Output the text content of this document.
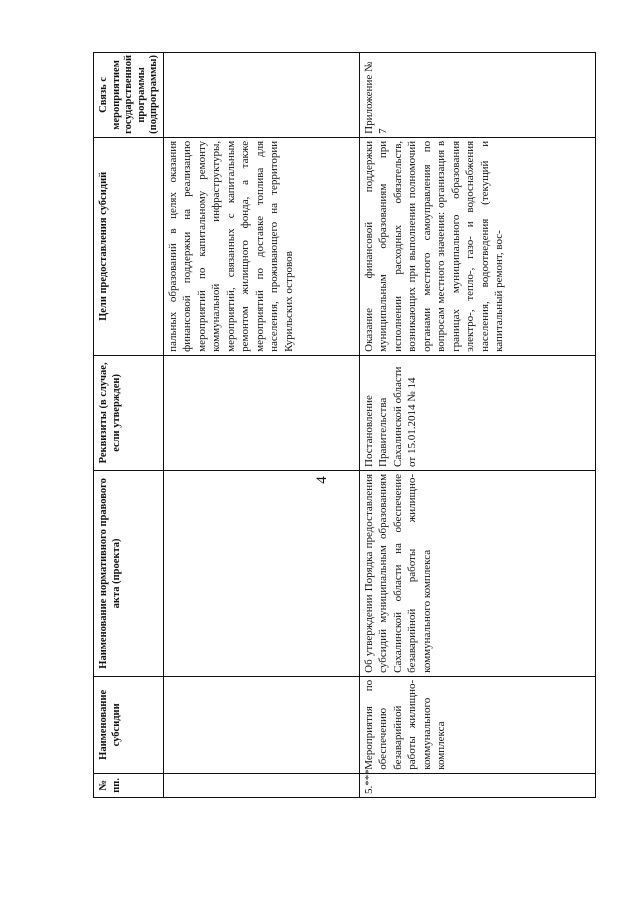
4
№ пп.	Наименование субсидии	Наименование нормативного правового акта (проекта)	Реквизиты (в случае, если утвержден)	Цели предоставления субсидий	Связь с мероприятием государственной программы (подпрограммы)
				пальных образований в целях оказания финансовой поддержки на реализацию мероприятий по капитальному ремонту коммунальной инфраструктуры, мероприятий, связанных с капитальным ремонтом жилищного фонда, а также мероприятий по доставке топлива для населения, проживающего на территории Курильских островов	
5.***	Мероприятия по обеспечению безаварийной работы жилищно-коммунального комплекса	Об утверждении Порядка предоставления субсидий муниципальным образованиям Сахалинской области на обеспечение безаварийной работы жилищно-коммунального комплекса	Постановление Правительства Сахалинской области от 15.01.2014 № 14	Оказание финансовой поддержки муниципальным образованиям при исполнении расходных обязательств, возникающих при выполнении полномочий органами местного самоуправления по вопросам местного значения: организация в границах муниципального образования электро-, тепло-, газо- и водоснабжения населения, водоотведения (текущий и капитальный ремонт, вос-	Приложение № 7
